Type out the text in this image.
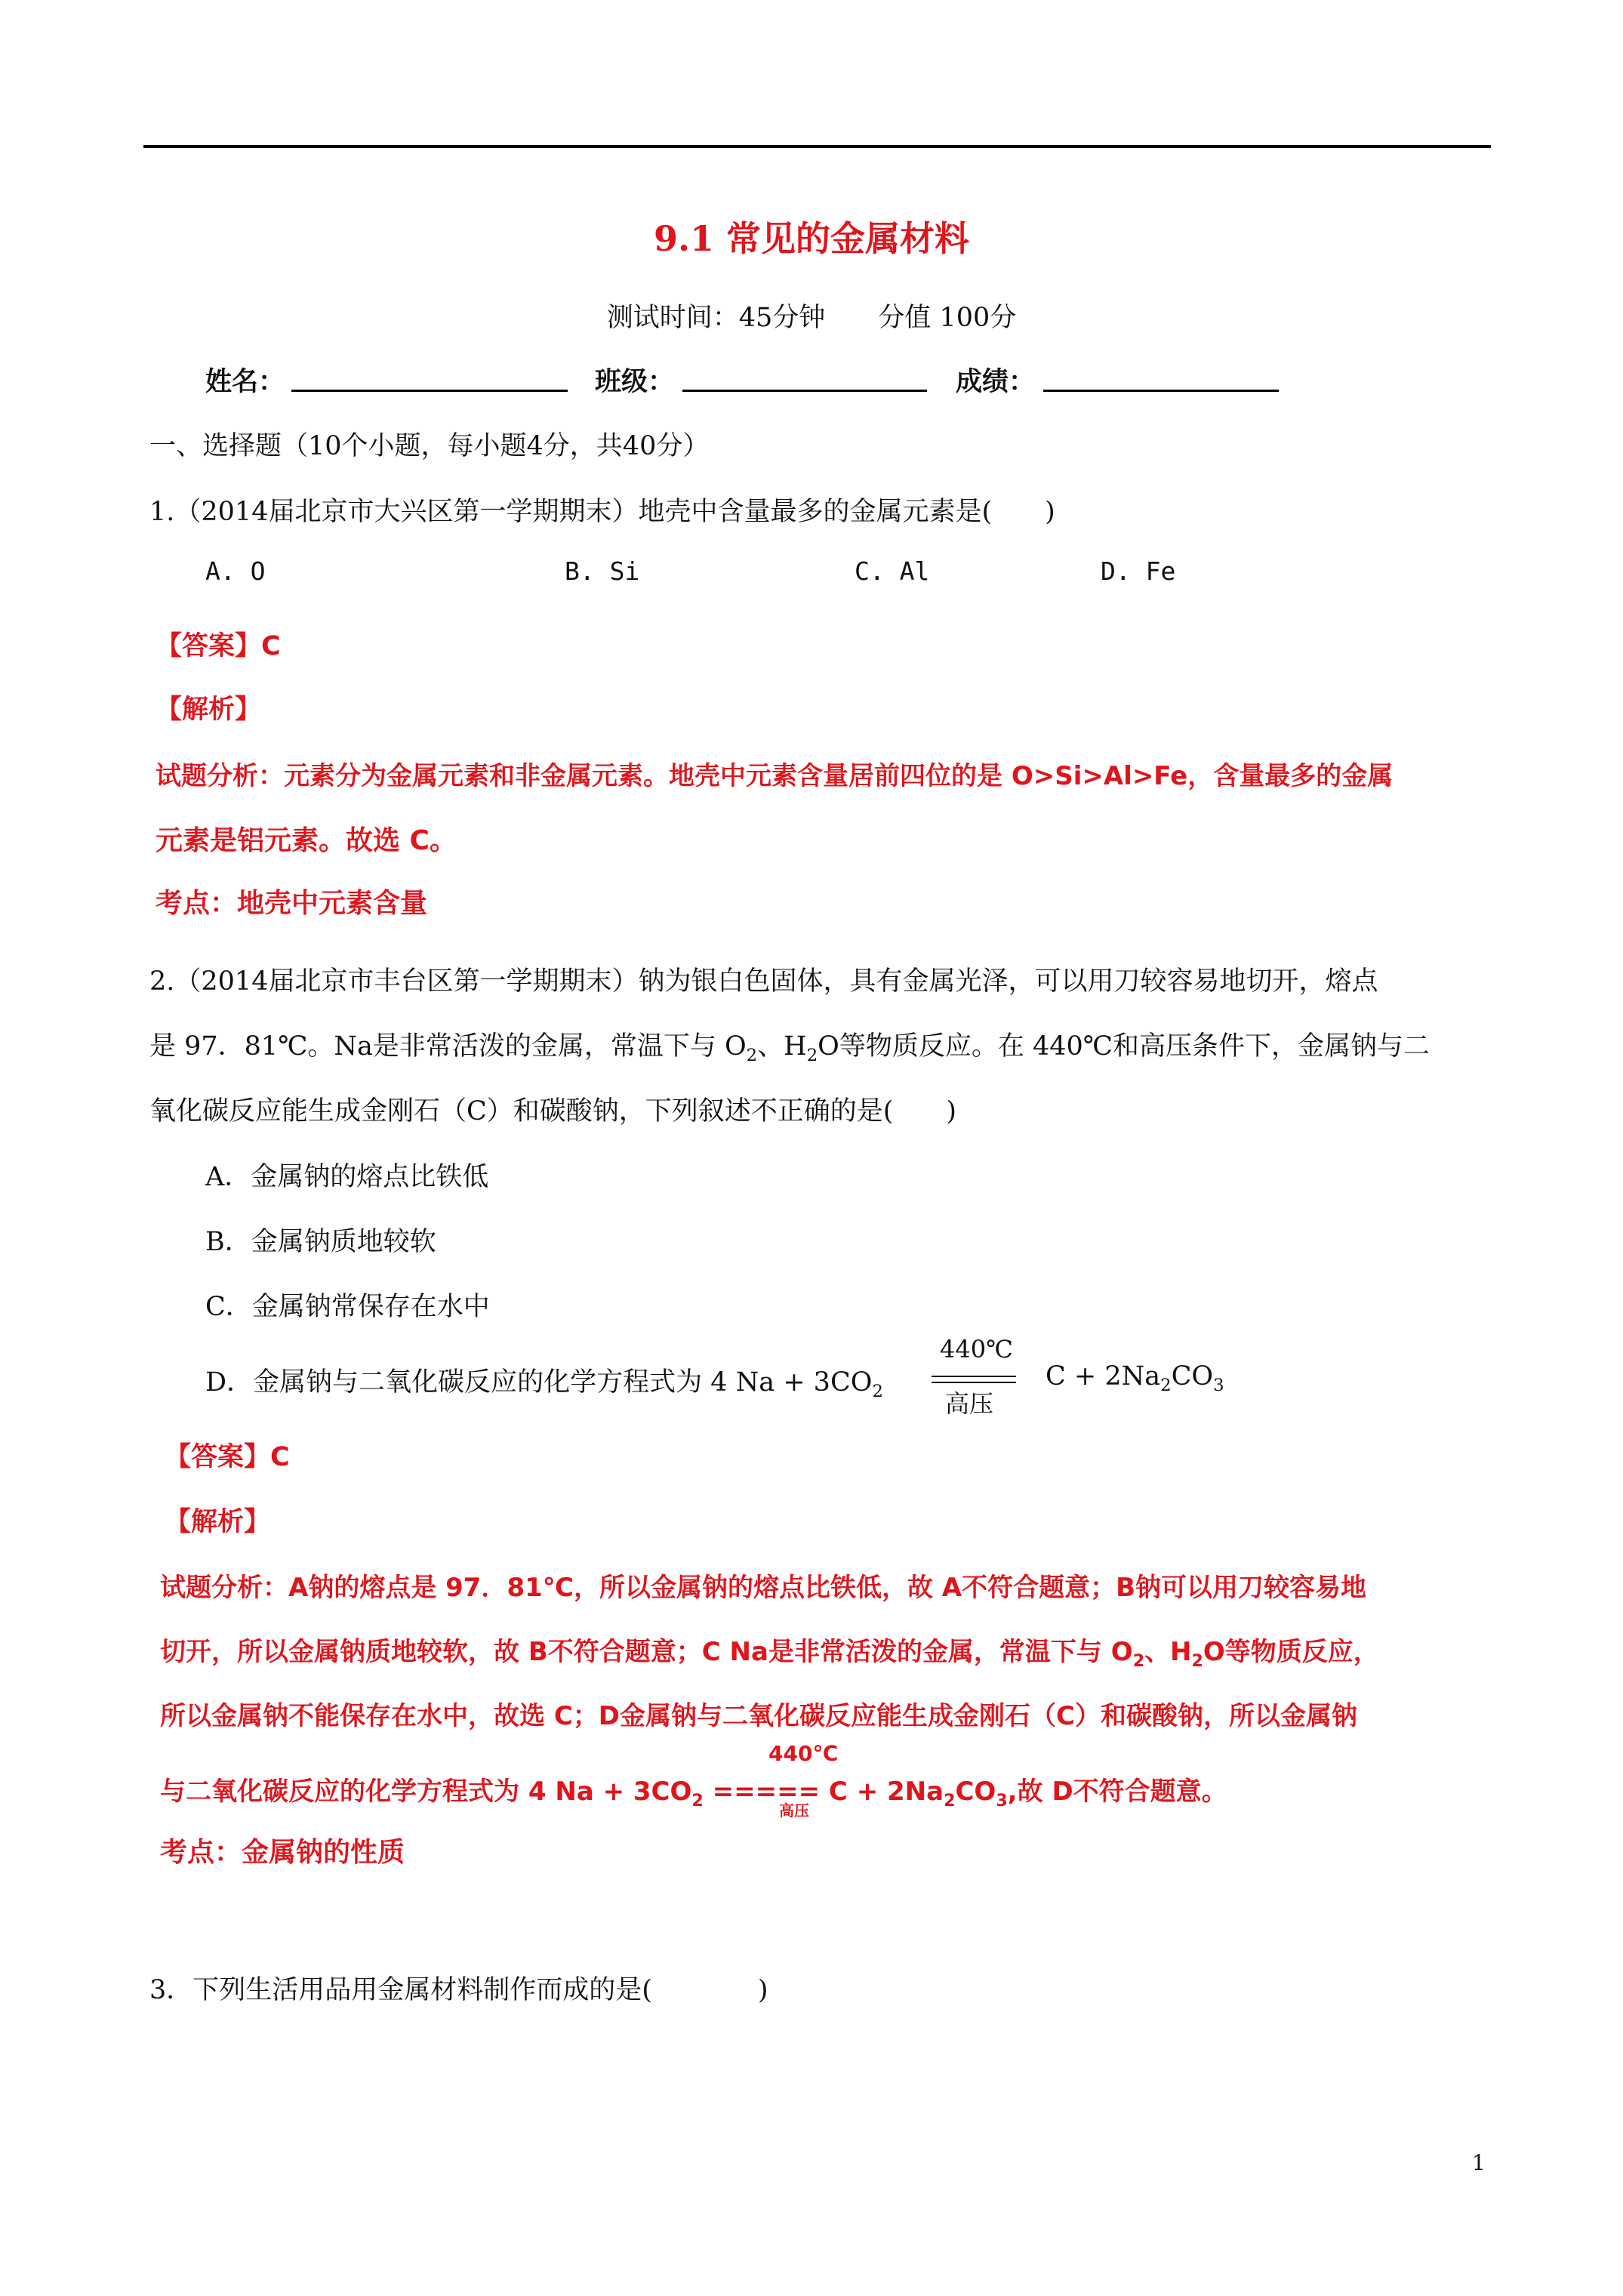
9.1 常见的金属材料
测试时间：45分钟 分值 100分
姓名：	班级：	成绩：
一、选择题（10个小题，每小题4分，共40分）
1.（2014届北京市大兴区第一学期期末）地壳中含量最多的金属元素是(　　)
A. O	B. Si	C. Al	D. Fe
【答案】C
【解析】
试题分析：元素分为金属元素和非金属元素。地壳中元素含量居前四位的是 O>Si>Al>Fe，含量最多的金属
元素是铝元素。故选 C。
考点：地壳中元素含量
2.（2014届北京市丰台区第一学期期末）钠为银白色固体，具有金属光泽，可以用刀较容易地切开，熔点
是 97．81℃。Na是非常活泼的金属，常温下与 $O_2$、$H_2O$等物质反应。在 440℃和高压条件下，金属钠与二
氧化碳反应能生成金刚石（C）和碳酸钠，下列叙述不正确的是(　　)
A．金属钠的熔点比铁低
B．金属钠质地较软
C．金属钠常保存在水中
D．金属钠与二氧化碳反应的化学方程式为 4 $Na + 3CO_2$
440℃
高压
$C + 2Na_2CO_3$
【答案】C
【解析】
试题分析：A钠的熔点是 97．81℃，所以金属钠的熔点比铁低，故 A不符合题意；B钠可以用刀较容易地
切开，所以金属钠质地较软，故 B不符合题意；C Na是非常活泼的金属，常温下与 $O_2$、$H_2O$等物质反应，
所以金属钠不能保存在水中，故选 C；D金属钠与二氧化碳反应能生成金刚石（C）和碳酸钠，所以金属钠
440℃
与二氧化碳反应的化学方程式为 4 $Na + 3CO_2$ ===== $C + 2Na_2CO_3$,故 D不符合题意。
高压
考点：金属钠的性质
3．下列生活用品用金属材料制作而成的是(　　　　)
1
